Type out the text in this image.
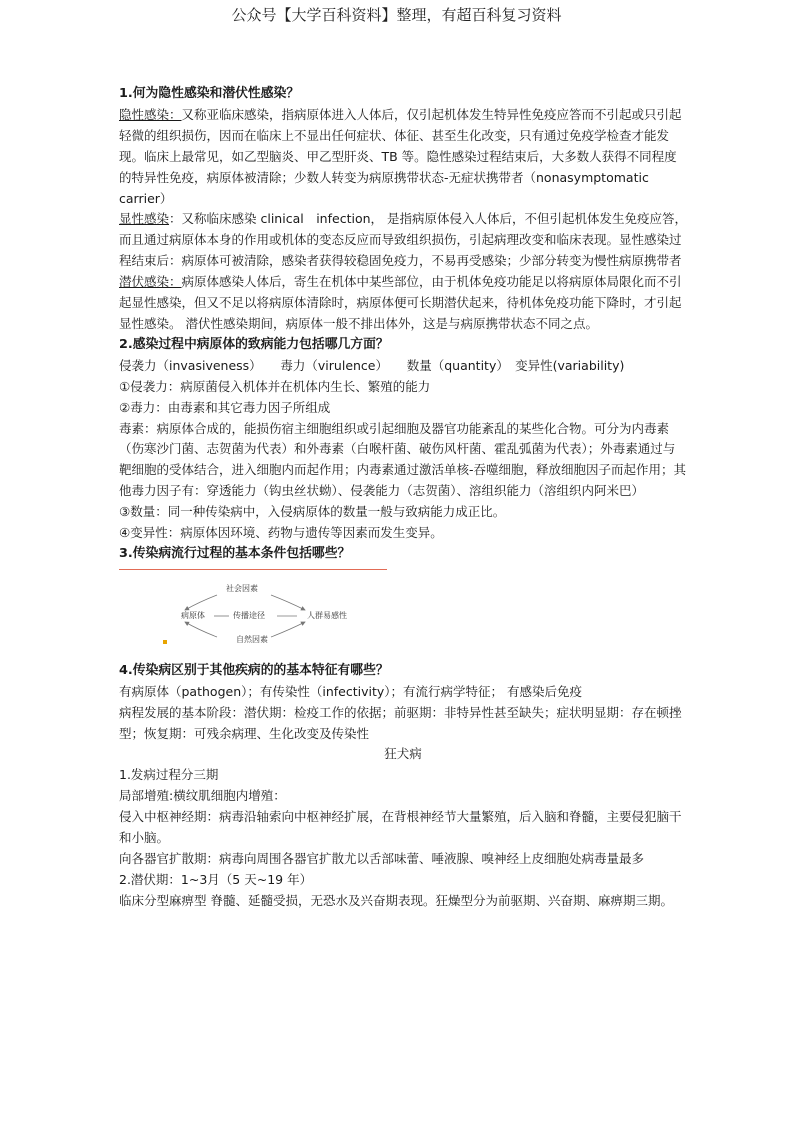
公众号【大学百科资料】整理，有超百科复习资料

1.何为隐性感染和潜伏性感染？

隐性感染：又称亚临床感染，指病原体进入人体后，仅引起机体发生特异性免疫应答而不引起或只引起轻微的组织损伤，因而在临床上不显出任何症状、体征、甚至生化改变，只有通过免疫学检查才能发现。临床上最常见，如乙型脑炎、甲乙型肝炎、TB 等。隐性感染过程结束后，大多数人获得不同程度的特异性免疫，病原体被清除；少数人转变为病原携带状态-无症状携带者（nonasymptomatic carrier）

显性感染：又称临床感染 clinical　infection， 是指病原体侵入人体后，不但引起机体发生免疫应答，而且通过病原体本身的作用或机体的变态反应而导致组织损伤，引起病理改变和临床表现。显性感染过程结束后：病原体可被清除，感染者获得较稳固免疫力，不易再受感染；少部分转变为慢性病原携带者

潜伏感染：病原体感染人体后，寄生在机体中某些部位，由于机体免疫功能足以将病原体局限化而不引起显性感染，但又不足以将病原体清除时，病原体便可长期潜伏起来，待机体免疫功能下降时，才引起显性感染。 潜伏性感染期间，病原体一般不排出体外，这是与病原携带状态不同之点。

2.感染过程中病原体的致病能力包括哪几方面？

侵袭力（invasiveness）　　毒力（virulence）　　数量（quantity）　变异性(variability)

①侵袭力：病原菌侵入机体并在机体内生长、繁殖的能力

②毒力：由毒素和其它毒力因子所组成

毒素：病原体合成的，能损伤宿主细胞组织或引起细胞及器官功能紊乱的某些化合物。可分为内毒素（伤寒沙门菌、志贺菌为代表）和外毒素（白喉杆菌、破伤风杆菌、霍乱弧菌为代表）；外毒素通过与靶细胞的受体结合，进入细胞内而起作用；内毒素通过激活单核-吞噬细胞，释放细胞因子而起作用；其他毒力因子有：穿透能力（钩虫丝状蚴）、侵袭能力（志贺菌）、溶组织能力（溶组织内阿米巴）

③数量：同一种传染病中，入侵病原体的数量一般与致病能力成正比。

④变异性：病原体因环境、药物与遗传等因素而发生变异。

3.传染病流行过程的基本条件包括哪些？

社会因素
病原体	传播途径	人群易感性
自然因素

4.传染病区别于其他疾病的的基本特征有哪些？

有病原体（pathogen）；有传染性（infectivity）；有流行病学特征； 有感染后免疫

病程发展的基本阶段：潜伏期：检疫工作的依据；前驱期：非特异性甚至缺失；症状明显期：存在顿挫型；恢复期：可残余病理、生化改变及传染性

狂犬病

1.发病过程分三期

局部增殖:横纹肌细胞内增殖：

侵入中枢神经期：病毒沿轴索向中枢神经扩展，在背根神经节大量繁殖，后入脑和脊髓，主要侵犯脑干和小脑。

向各器官扩散期：病毒向周围各器官扩散尤以舌部味蕾、唾液腺、嗅神经上皮细胞处病毒量最多

2.潜伏期：1~3月（5 天~19 年）

临床分型麻痹型 脊髓、延髓受损，无恐水及兴奋期表现。狂燥型分为前驱期、兴奋期、麻痹期三期。
